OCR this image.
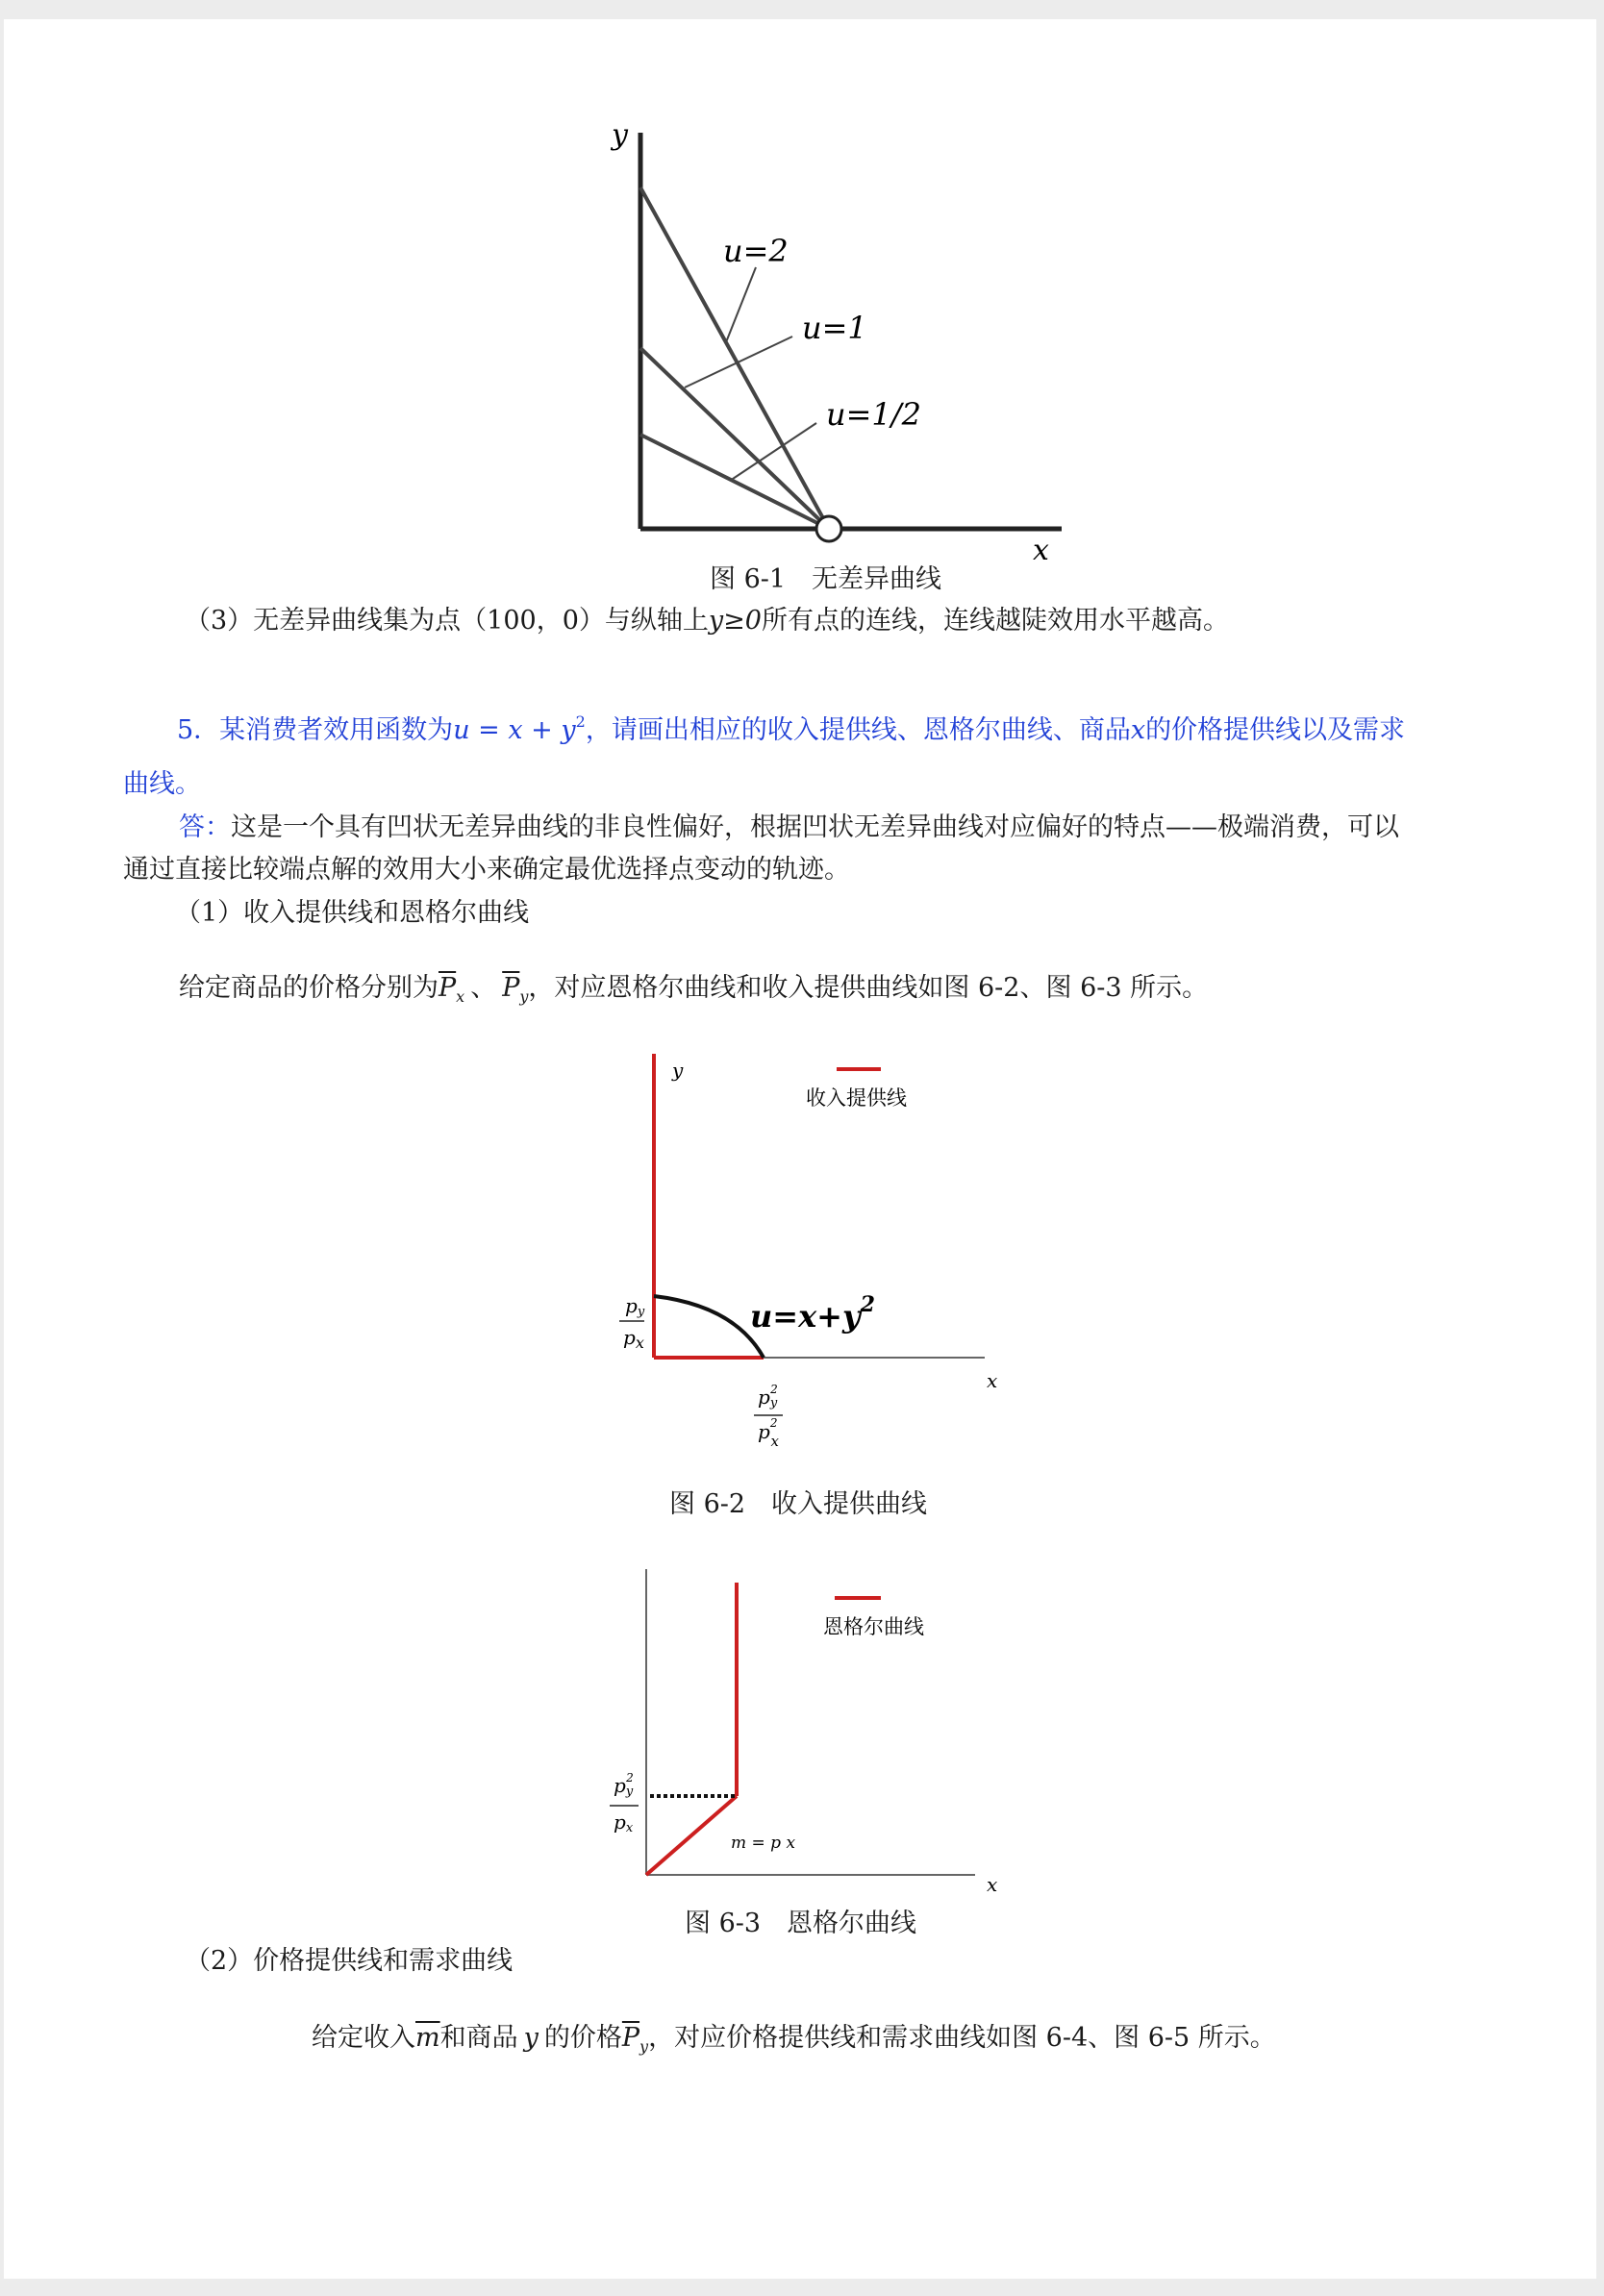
y
x
u=2
u=1
u=1/2
图 6-1　无差异曲线
（3）无差异曲线集为点（100，0）与纵轴上y≥0所有点的连线，连线越陡效用水平越高。
5．某消费者效用函数为$u = x + y^2$，请画出相应的收入提供线、恩格尔曲线、商品x的价格提供线以及需求
曲线。
答：这是一个具有凹状无差异曲线的非良性偏好，根据凹状无差异曲线对应偏好的特点——极端消费，可以
通过直接比较端点解的效用大小来确定最优选择点变动的轨迹。
（1）收入提供线和恩格尔曲线
给定商品的价格分别为$\overline{P}_x$ 、 $\overline{P}_y$，对应恩格尔曲线和收入提供曲线如图 6-2、图 6-3 所示。
收入提供线
y
x
$u=x+y^2$
py
$p_x$
py2
$p^2$ x
图 6-2　收入提供曲线
恩格尔曲线
m = p x
x
py2
px
图 6-3　恩格尔曲线
（2）价格提供线和需求曲线
给定收入$\overline{m}$和商品 y 的价格$\overline{P}_y$，对应价格提供线和需求曲线如图 6-4、图 6-5 所示。
